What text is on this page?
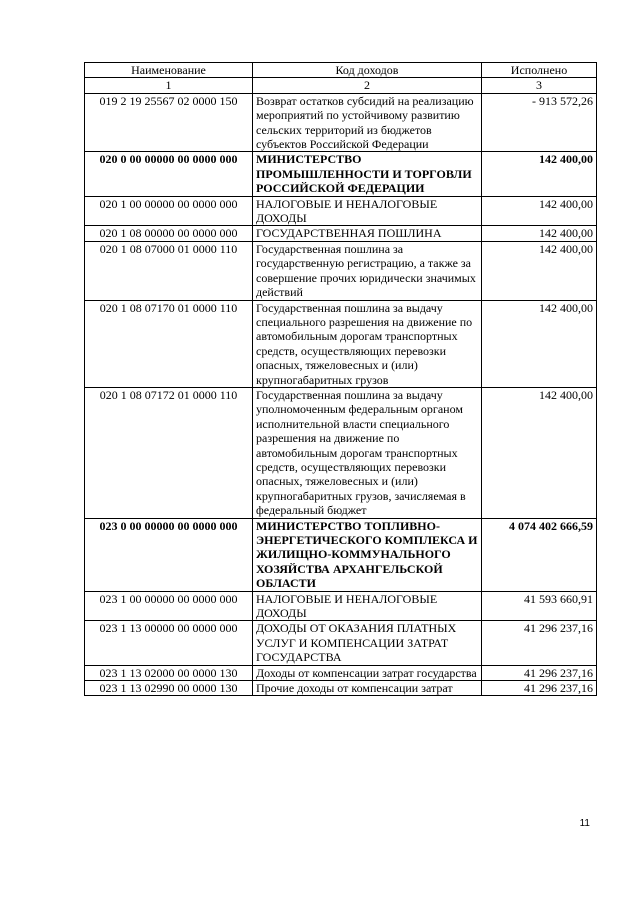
Наименование	Код доходов	Исполнено
1	2	3
019 2 19 25567 02 0000 150	Возврат остатков субсидий на реализацию мероприятий по устойчивому развитию сельских территорий из бюджетов субъектов Российской Федерации	- 913 572,26
020 0 00 00000 00 0000 000	МИНИСТЕРСТВО ПРОМЫШЛЕННОСТИ И ТОРГОВЛИ РОССИЙСКОЙ ФЕДЕРАЦИИ	142 400,00
020 1 00 00000 00 0000 000	НАЛОГОВЫЕ И НЕНАЛОГОВЫЕ ДОХОДЫ	142 400,00
020 1 08 00000 00 0000 000	ГОСУДАРСТВЕННАЯ ПОШЛИНА	142 400,00
020 1 08 07000 01 0000 110	Государственная пошлина за государственную регистрацию, а также за совершение прочих юридически значимых действий	142 400,00
020 1 08 07170 01 0000 110	Государственная пошлина за выдачу специального разрешения на движение по автомобильным дорогам транспортных средств, осуществляющих перевозки опасных, тяжеловесных и (или) крупногабаритных грузов	142 400,00
020 1 08 07172 01 0000 110	Государственная пошлина за выдачу уполномоченным федеральным органом исполнительной власти специального разрешения на движение по автомобильным дорогам транспортных средств, осуществляющих перевозки опасных, тяжеловесных и (или) крупногабаритных грузов, зачисляемая в федеральный бюджет	142 400,00
023 0 00 00000 00 0000 000	МИНИСТЕРСТВО ТОПЛИВНО-ЭНЕРГЕТИЧЕСКОГО КОМПЛЕКСА И ЖИЛИЩНО-КОММУНАЛЬНОГО ХОЗЯЙСТВА АРХАНГЕЛЬСКОЙ ОБЛАСТИ	4 074 402 666,59
023 1 00 00000 00 0000 000	НАЛОГОВЫЕ И НЕНАЛОГОВЫЕ ДОХОДЫ	41 593 660,91
023 1 13 00000 00 0000 000	ДОХОДЫ ОТ ОКАЗАНИЯ ПЛАТНЫХ УСЛУГ И КОМПЕНСАЦИИ ЗАТРАТ ГОСУДАРСТВА	41 296 237,16
023 1 13 02000 00 0000 130	Доходы от компенсации затрат государства	41 296 237,16
023 1 13 02990 00 0000 130	Прочие доходы от компенсации затрат	41 296 237,16
11
